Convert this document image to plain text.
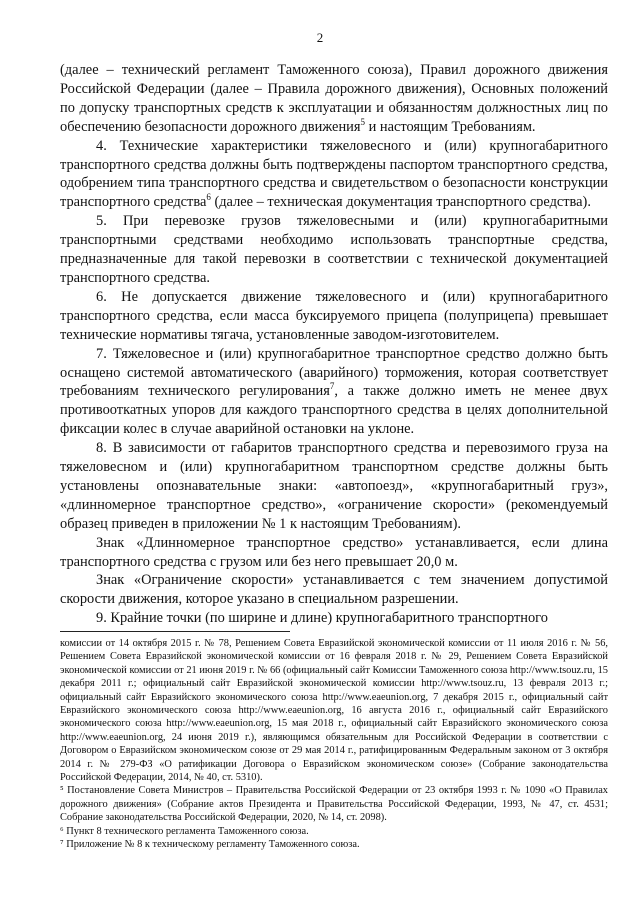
2

(далее – технический регламент Таможенного союза), Правил дорожного движения Российской Федерации (далее – Правила дорожного движения), Основных положений по допуску транспортных средств к эксплуатации и обязанностям должностных лиц по обеспечению безопасности дорожного движения$^5$ и настоящим Требованиям.

4. Технические характеристики тяжеловесного и (или) крупногабаритного транспортного средства должны быть подтверждены паспортом транспортного средства, одобрением типа транспортного средства и свидетельством о безопасности конструкции транспортного средства$^6$ (далее – техническая документация транспортного средства).

5. При перевозке грузов тяжеловесными и (или) крупногабаритными транспортными средствами необходимо использовать транспортные средства, предназначенные для такой перевозки в соответствии с технической документацией транспортного средства.

6. Не допускается движение тяжеловесного и (или) крупногабаритного транспортного средства, если масса буксируемого прицепа (полуприцепа) превышает технические нормативы тягача, установленные заводом-изготовителем.

7. Тяжеловесное и (или) крупногабаритное транспортное средство должно быть оснащено системой автоматического (аварийного) торможения, которая соответствует требованиям технического регулирования$^7$, а также должно иметь не менее двух противооткатных упоров для каждого транспортного средства в целях дополнительной фиксации колес в случае аварийной остановки на уклоне.

8. В зависимости от габаритов транспортного средства и перевозимого груза на тяжеловесном и (или) крупногабаритном транспортном средстве должны быть установлены опознавательные знаки: «автопоезд», «крупногабаритный груз», «длинномерное транспортное средство», «ограничение скорости» (рекомендуемый образец приведен в приложении № 1 к настоящим Требованиям).

Знак «Длинномерное транспортное средство» устанавливается, если длина транспортного средства с грузом или без него превышает 20,0 м.

Знак «Ограничение скорости» устанавливается с тем значением допустимой скорости движения, которое указано в специальном разрешении.

9. Крайние точки (по ширине и длине) крупногабаритного транспортного

комиссии от 14 октября 2015 г. № 78, Решением Совета Евразийской экономической комиссии от 11 июля 2016 г. № 56, Решением Совета Евразийской экономической комиссии от 16 февраля 2018 г. № 29, Решением Совета Евразийской экономической комиссии от 21 июня 2019 г. № 66 (официальный сайт Комиссии Таможенного союза http://www.tsouz.ru, 15 декабря 2011 г.; официальный сайт Евразийской экономической комиссии http://www.tsouz.ru, 13 февраля 2013 г.; официальный сайт Евразийского экономического союза http://www.eaeunion.org, 7 декабря 2015 г., официальный сайт Евразийского экономического союза http://www.eaeunion.org, 16 августа 2016 г., официальный сайт Евразийского экономического союза http://www.eaeunion.org, 15 мая 2018 г., официальный сайт Евразийского экономического союза http://www.eaeunion.org, 24 июня 2019 г.), являющимся обязательным для Российской Федерации в соответствии с Договором о Евразийском экономическом союзе от 29 мая 2014 г., ратифицированным Федеральным законом от 3 октября 2014 г. № 279-ФЗ «О ратификации Договора о Евразийском экономическом союзе» (Собрание законодательства Российской Федерации, 2014, № 40, ст. 5310).

⁵ Постановление Совета Министров – Правительства Российской Федерации от 23 октября 1993 г. № 1090 «О Правилах дорожного движения» (Собрание актов Президента и Правительства Российской Федерации, 1993, № 47, ст. 4531; Собрание законодательства Российской Федерации, 2020, № 14, ст. 2098).

⁶ Пункт 8 технического регламента Таможенного союза.

⁷ Приложение № 8 к техническому регламенту Таможенного союза.
